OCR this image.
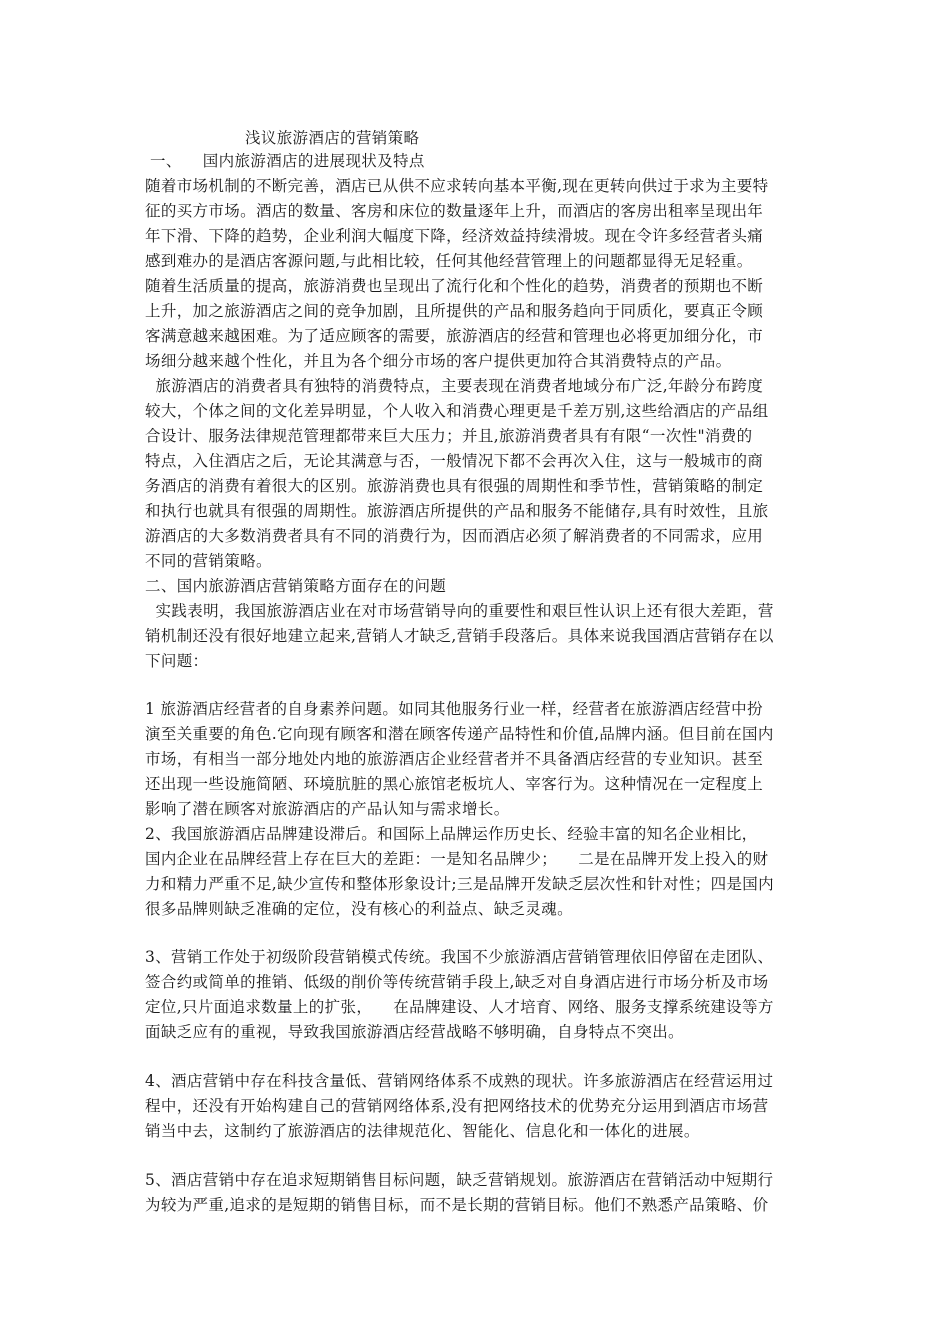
浅议旅游酒店的营销策略
一、    国内旅游酒店的进展现状及特点
随着市场机制的不断完善，酒店已从供不应求转向基本平衡,现在更转向供过于求为主要特
征的买方市场。酒店的数量、客房和床位的数量逐年上升，而酒店的客房出租率呈现出年
年下滑、下降的趋势，企业利润大幅度下降，经济效益持续滑坡。现在令许多经营者头痛
感到难办的是酒店客源问题,与此相比较，任何其他经营管理上的问题都显得无足轻重。
随着生活质量的提高，旅游消费也呈现出了流行化和个性化的趋势，消费者的预期也不断
上升，加之旅游酒店之间的竞争加剧，且所提供的产品和服务趋向于同质化，要真正令顾
客满意越来越困难。为了适应顾客的需要，旅游酒店的经营和管理也必将更加细分化，市
场细分越来越个性化，并且为各个细分市场的客户提供更加符合其消费特点的产品。
旅游酒店的消费者具有独特的消费特点，主要表现在消费者地域分布广泛,年龄分布跨度
较大，个体之间的文化差异明显，个人收入和消费心理更是千差万别,这些给酒店的产品组
合设计、服务法律规范管理都带来巨大压力；并且,旅游消费者具有有限“一次性"消费的
特点，入住酒店之后，无论其满意与否，一般情况下都不会再次入住，这与一般城市的商
务酒店的消费有着很大的区别。旅游消费也具有很强的周期性和季节性，营销策略的制定
和执行也就具有很强的周期性。旅游酒店所提供的产品和服务不能储存,具有时效性，且旅
游酒店的大多数消费者具有不同的消费行为，因而酒店必须了解消费者的不同需求，应用
不同的营销策略。
二、国内旅游酒店营销策略方面存在的问题
实践表明，我国旅游酒店业在对市场营销导向的重要性和艰巨性认识上还有很大差距，营
销机制还没有很好地建立起来,营销人才缺乏,营销手段落后。具体来说我国酒店营销存在以
下问题：
1 旅游酒店经营者的自身素养问题。如同其他服务行业一样，经营者在旅游酒店经营中扮
演至关重要的角色.它向现有顾客和潜在顾客传递产品特性和价值,品牌内涵。但目前在国内
市场，有相当一部分地处内地的旅游酒店企业经营者并不具备酒店经营的专业知识。甚至
还出现一些设施简陋、环境肮脏的黑心旅馆老板坑人、宰客行为。这种情况在一定程度上
影响了潜在顾客对旅游酒店的产品认知与需求增长。
2、我国旅游酒店品牌建设滞后。和国际上品牌运作历史长、经验丰富的知名企业相比，
国内企业在品牌经营上存在巨大的差距：一是知名品牌少；    二是在品牌开发上投入的财
力和精力严重不足,缺少宣传和整体形象设计;三是品牌开发缺乏层次性和针对性；四是国内
很多品牌则缺乏准确的定位，没有核心的利益点、缺乏灵魂。
3、营销工作处于初级阶段营销模式传统。我国不少旅游酒店营销管理依旧停留在走团队、
签合约或简单的推销、低级的削价等传统营销手段上,缺乏对自身酒店进行市场分析及市场
定位,只片面追求数量上的扩张，    在品牌建设、人才培育、网络、服务支撑系统建设等方
面缺乏应有的重视，导致我国旅游酒店经营战略不够明确，自身特点不突出。
4、酒店营销中存在科技含量低、营销网络体系不成熟的现状。许多旅游酒店在经营运用过
程中，还没有开始构建自己的营销网络体系,没有把网络技术的优势充分运用到酒店市场营
销当中去，这制约了旅游酒店的法律规范化、智能化、信息化和一体化的进展。
5、酒店营销中存在追求短期销售目标问题，缺乏营销规划。旅游酒店在营销活动中短期行
为较为严重,追求的是短期的销售目标，而不是长期的营销目标。他们不熟悉产品策略、价
